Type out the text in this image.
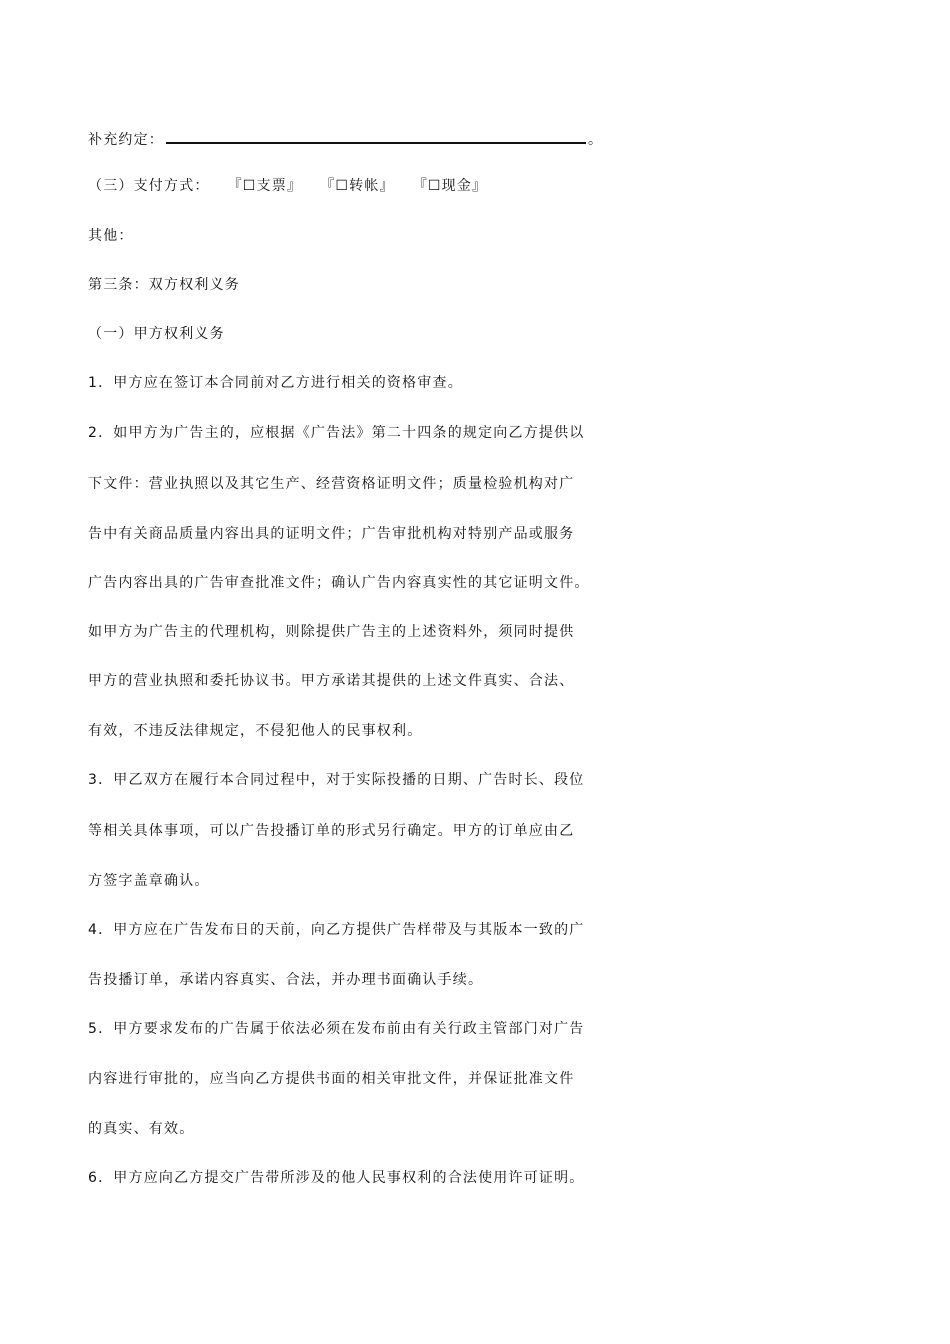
补充约定：	。
（三）支付方式： 『☐支票』 『☐转帐』 『☐现金』
其他：
第三条：双方权利义务
（一）甲方权利义务
1．甲方应在签订本合同前对乙方进行相关的资格审查。
2．如甲方为广告主的，应根据《广告法》第二十四条的规定向乙方提供以
下文件：营业执照以及其它生产、经营资格证明文件；质量检验机构对广
告中有关商品质量内容出具的证明文件；广告审批机构对特别产品或服务
广告内容出具的广告审查批准文件；确认广告内容真实性的其它证明文件。
如甲方为广告主的代理机构，则除提供广告主的上述资料外，须同时提供
甲方的营业执照和委托协议书。甲方承诺其提供的上述文件真实、合法、
有效，不违反法律规定，不侵犯他人的民事权利。
3．甲乙双方在履行本合同过程中，对于实际投播的日期、广告时长、段位
等相关具体事项，可以广告投播订单的形式另行确定。甲方的订单应由乙
方签字盖章确认。
4．甲方应在广告发布日的天前，向乙方提供广告样带及与其版本一致的广
告投播订单，承诺内容真实、合法，并办理书面确认手续。
5．甲方要求发布的广告属于依法必须在发布前由有关行政主管部门对广告
内容进行审批的，应当向乙方提供书面的相关审批文件，并保证批准文件
的真实、有效。
6．甲方应向乙方提交广告带所涉及的他人民事权利的合法使用许可证明。
